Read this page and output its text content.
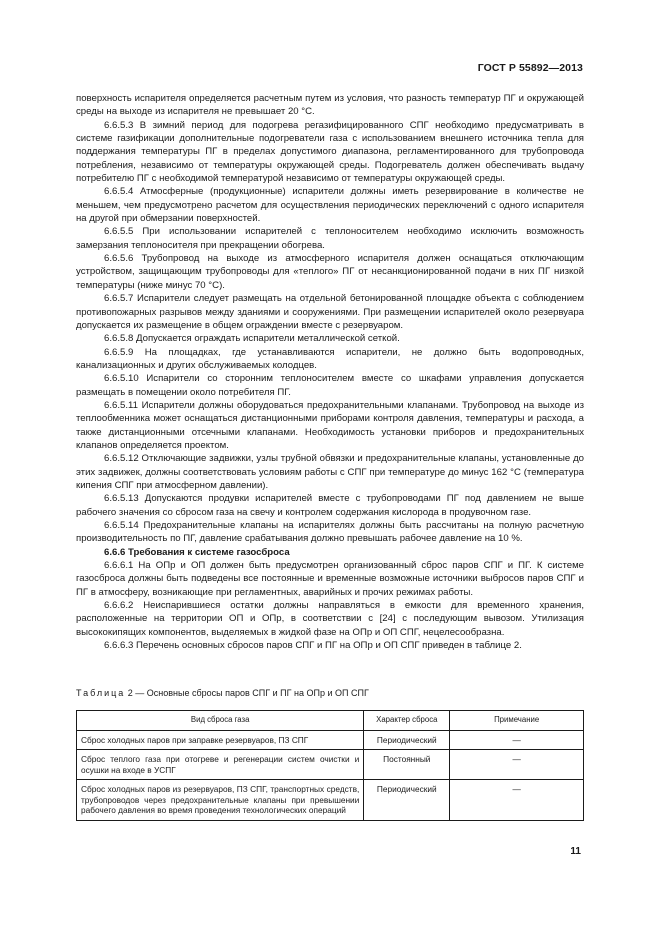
ГОСТ Р 55892—2013

поверхность испарителя определяется расчетным путем из условия, что разность температур ПГ и окружающей среды на выходе из испарителя не превышает 20 °С.

6.6.5.3 В зимний период для подогрева регазифицированного СПГ необходимо предусматривать в системе газификации дополнительные подогреватели газа с использованием внешнего источника тепла для поддержания температуры ПГ в пределах допустимого диапазона, регламентированного для трубопровода потребления, независимо от температуры окружающей среды. Подогреватель должен обеспечивать выдачу потребителю ПГ с необходимой температурой независимо от температуры окружающей среды.

6.6.5.4 Атмосферные (продукционные) испарители должны иметь резервирование в количестве не меньшем, чем предусмотрено расчетом для осуществления периодических переключений с одного испарителя на другой при обмерзании поверхностей.

6.6.5.5 При использовании испарителей с теплоносителем необходимо исключить возможность замерзания теплоносителя при прекращении обогрева.

6.6.5.6 Трубопровод на выходе из атмосферного испарителя должен оснащаться отключающим устройством, защищающим трубопроводы для «теплого» ПГ от несанкционированной подачи в них ПГ низкой температуры (ниже минус 70 °С).

6.6.5.7 Испарители следует размещать на отдельной бетонированной площадке объекта с соблюдением противопожарных разрывов между зданиями и сооружениями. При размещении испарителей около резервуара допускается их размещение в общем ограждении вместе с резервуаром.

6.6.5.8 Допускается ограждать испарители металлической сеткой.

6.6.5.9 На площадках, где устанавливаются испарители, не должно быть водопроводных, канализационных и других обслуживаемых колодцев.

6.6.5.10 Испарители со сторонним теплоносителем вместе со шкафами управления допускается размещать в помещении около потребителя ПГ.

6.6.5.11 Испарители должны оборудоваться предохранительными клапанами. Трубопровод на выходе из теплообменника может оснащаться дистанционными приборами контроля давления, температуры и расхода, а также дистанционными отсечными клапанами. Необходимость установки приборов и предохранительных клапанов определяется проектом.

6.6.5.12 Отключающие задвижки, узлы трубной обвязки и предохранительные клапаны, установленные до этих задвижек, должны соответствовать условиям работы с СПГ при температуре до минус 162 °С (температура кипения СПГ при атмосферном давлении).

6.6.5.13 Допускаются продувки испарителей вместе с трубопроводами ПГ под давлением не выше рабочего значения со сбросом газа на свечу и контролем содержания кислорода в продувочном газе.

6.6.5.14 Предохранительные клапаны на испарителях должны быть рассчитаны на полную расчетную производительность по ПГ, давление срабатывания должно превышать рабочее давление на 10 %.

6.6.6 Требования к системе газосброса

6.6.6.1 На ОПр и ОП должен быть предусмотрен организованный сброс паров СПГ и ПГ. К системе газосброса должны быть подведены все постоянные и временные возможные источники выбросов паров СПГ и ПГ в атмосферу, возникающие при регламентных, аварийных и прочих режимах работы.

6.6.6.2 Неиспарившиеся остатки должны направляться в емкости для временного хранения, расположенные на территории ОП и ОПр, в соответствии с [24] с последующим вывозом. Утилизация высококипящих компонентов, выделяемых в жидкой фазе на ОПр и ОП СПГ, нецелесообразна.

6.6.6.3 Перечень основных сбросов паров СПГ и ПГ на ОПр и ОП СПГ приведен в таблице 2.

Таблица 2 — Основные сбросы паров СПГ и ПГ на ОПр и ОП СПГ
Вид сброса газа	Характер сброса	Примечание
Сброс холодных паров при заправке резервуаров, ПЗ СПГ	Периодический	—
Сброс теплого газа при отогреве и регенерации систем очистки и осушки на входе в УСПГ	Постоянный	—
Сброс холодных паров из резервуаров, ПЗ СПГ, транспортных средств, трубопроводов через предохранительные клапаны при превышении рабочего давления во время проведения технологических операций	Периодический	—
11
